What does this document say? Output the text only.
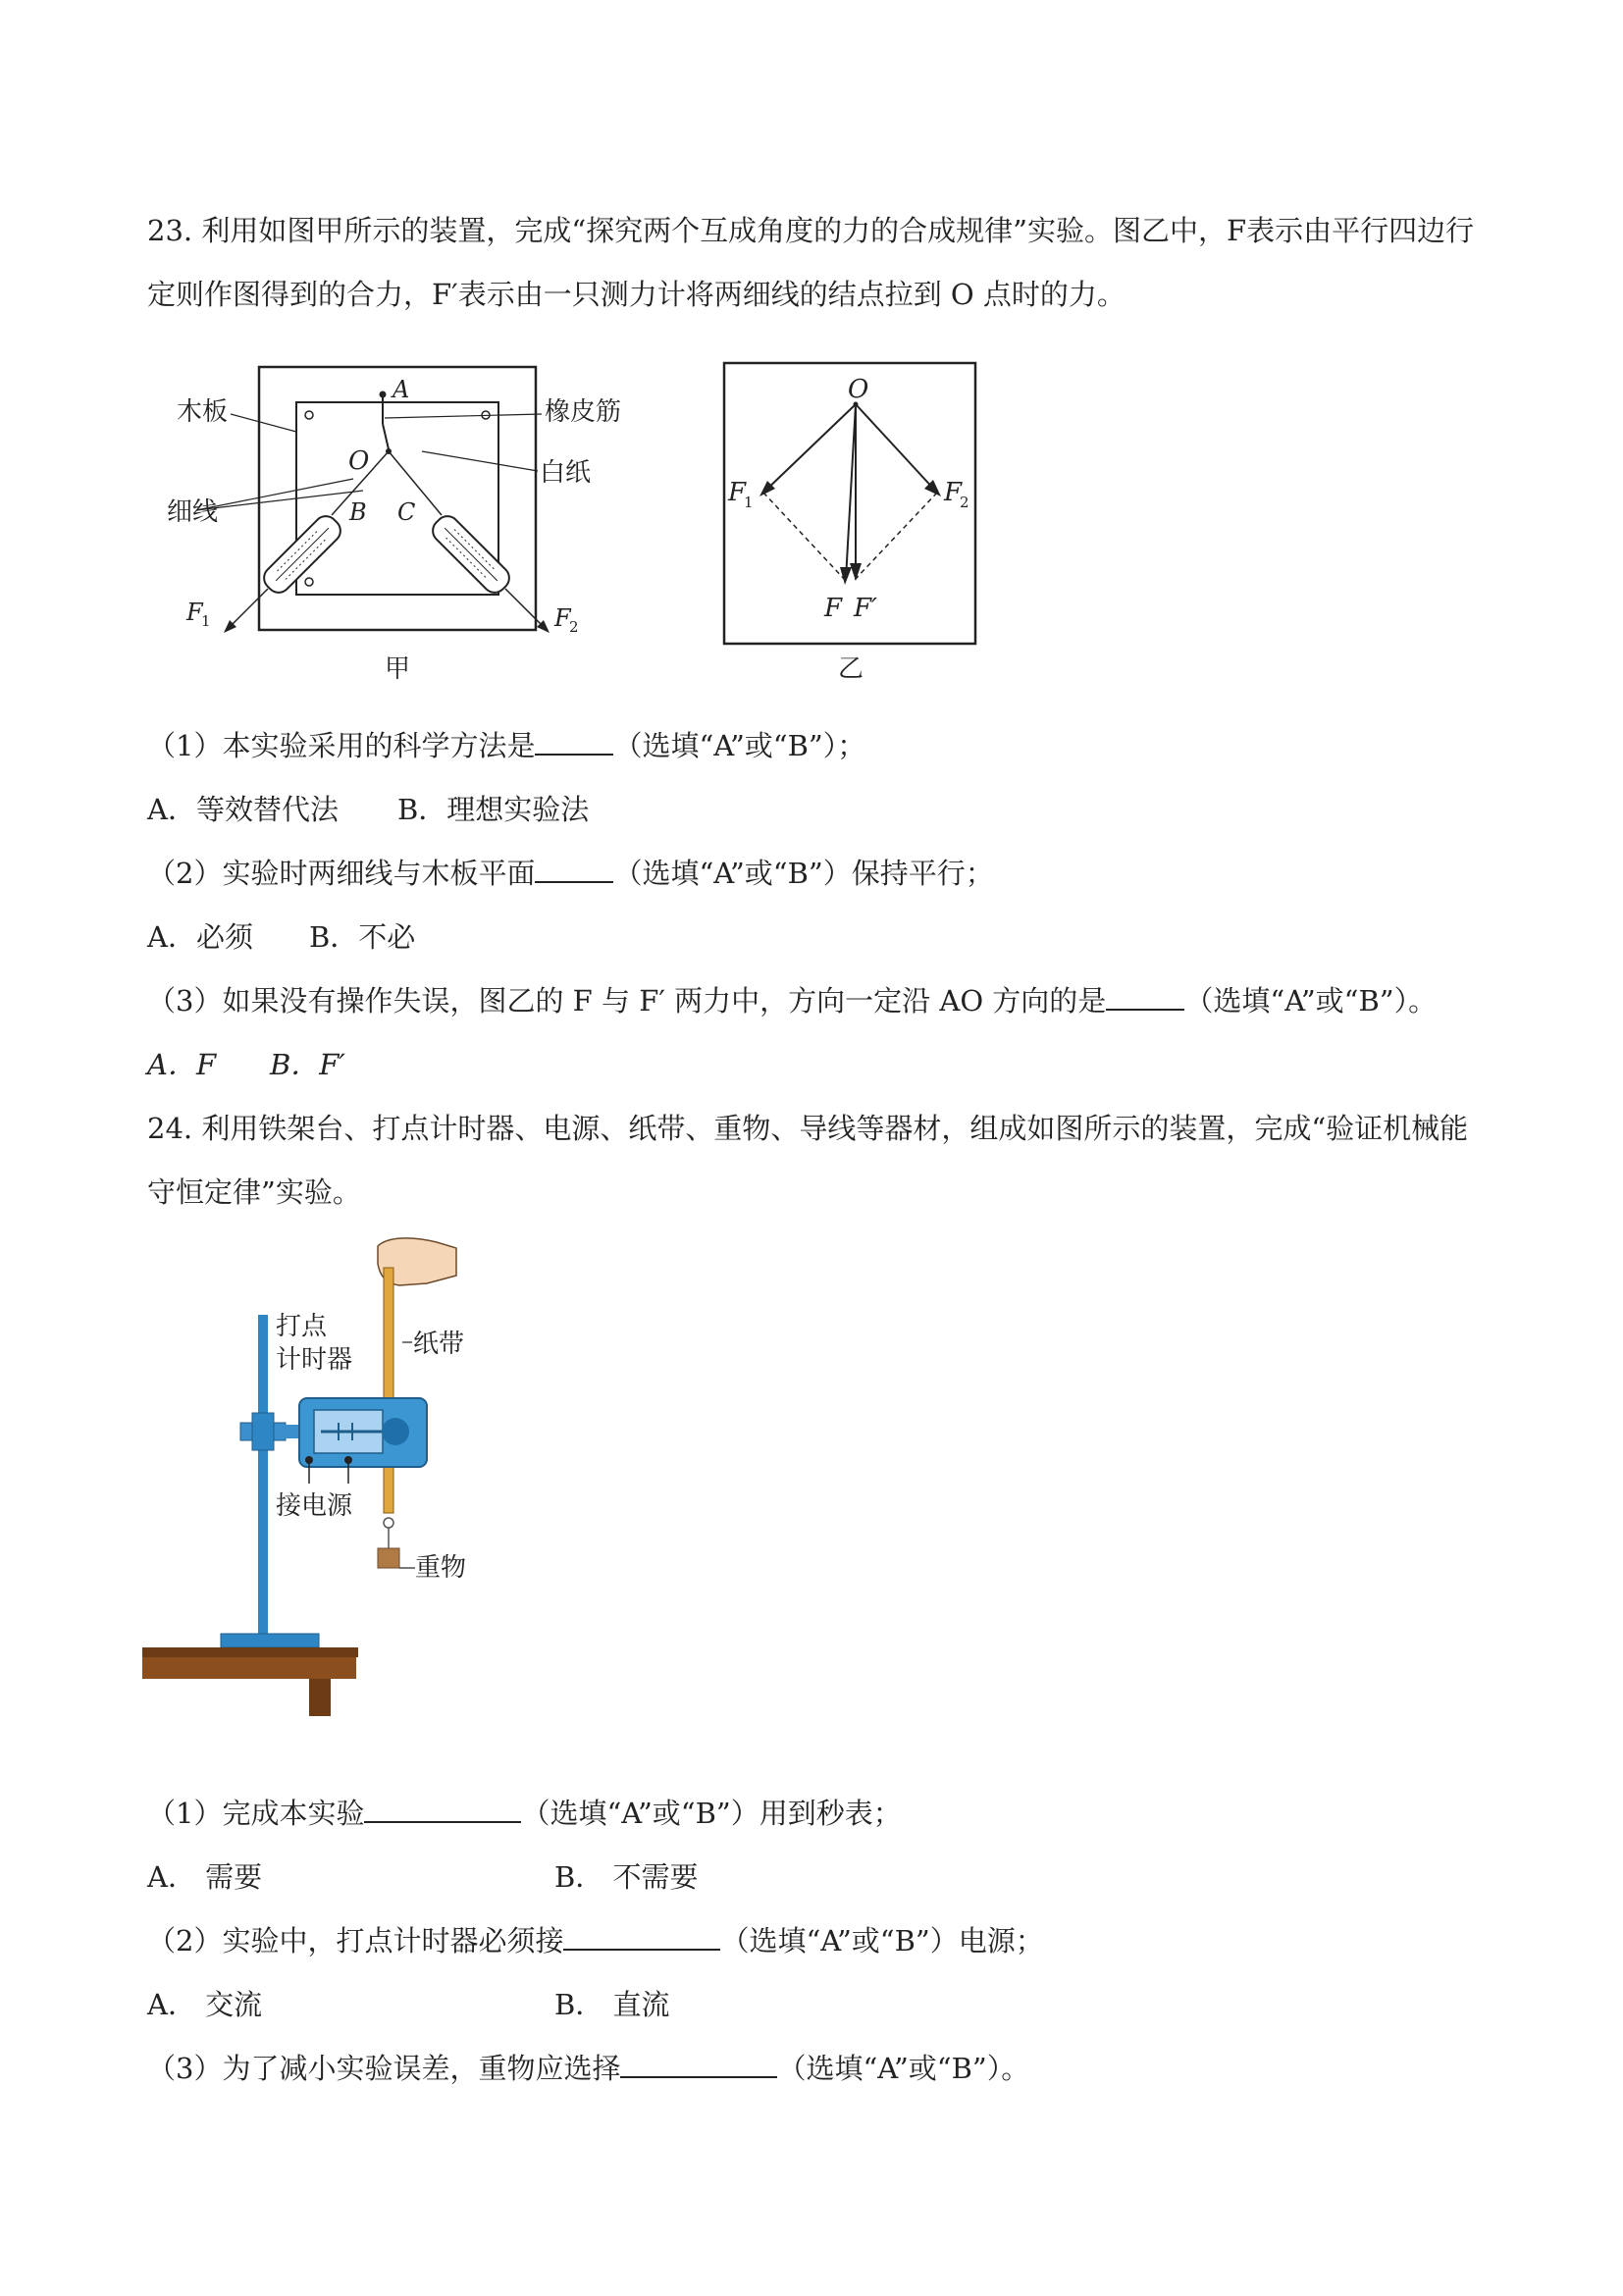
23. 利用如图甲所示的装置，完成“探究两个互成角度的力的合成规律”实验。图乙中，F表示由平行四边行
定则作图得到的合力，F′表示由一只测力计将两细线的结点拉到 O 点时的力。
木板	橡皮筋
白纸
细线
A
O
B C
F
1	F
2
甲
O
F
1	F
2
F F′
乙
（1）本实验采用的科学方法是	（选填“A”或“B”）；
A．等效替代法 B．理想实验法
（2）实验时两细线与木板平面	（选填“A”或“B”）保持平行；
A．必须 B．不必
（3）如果没有操作失误，图乙的 F 与 F′ 两力中，方向一定沿 AO 方向的是	（选填“A”或“B”）。
A．F B．F′
24. 利用铁架台、打点计时器、电源、纸带、重物、导线等器材，组成如图所示的装置，完成“验证机械能
守恒定律”实验。
打点
计时器
纸带
接电源
重物
（1）完成本实验	（选填“A”或“B”）用到秒表；
A． 需要	B． 不需要
（2）实验中，打点计时器必须接	（选填“A”或“B”）电源；
A． 交流	B． 直流
（3）为了减小实验误差，重物应选择	（选填“A”或“B”）。
